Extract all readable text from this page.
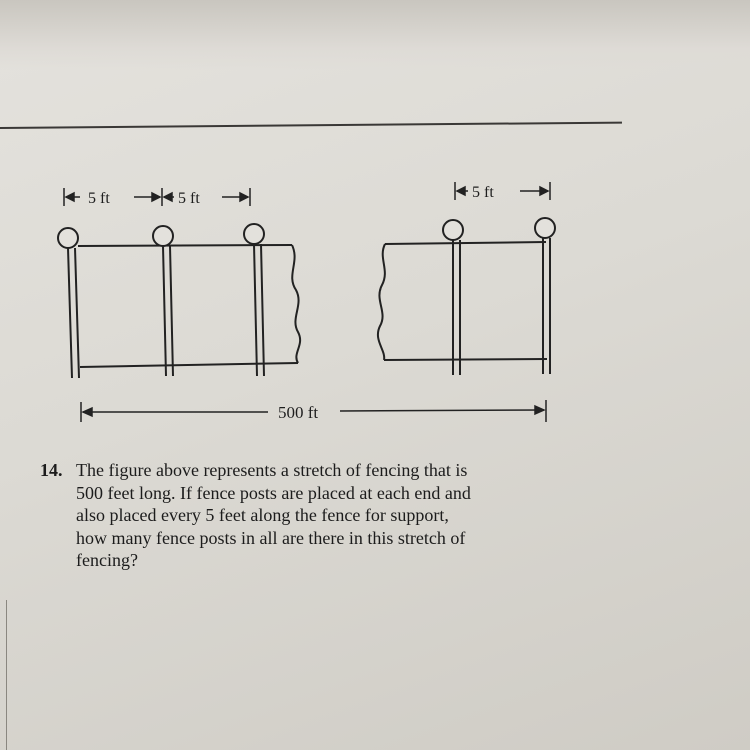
5 ft	5 ft	5 ft
500 ft
14. The figure above represents a stretch of fencing that is
500 feet long. If fence posts are placed at each end and
also placed every 5 feet along the fence for support,
how many fence posts in all are there in this stretch of
fencing?
